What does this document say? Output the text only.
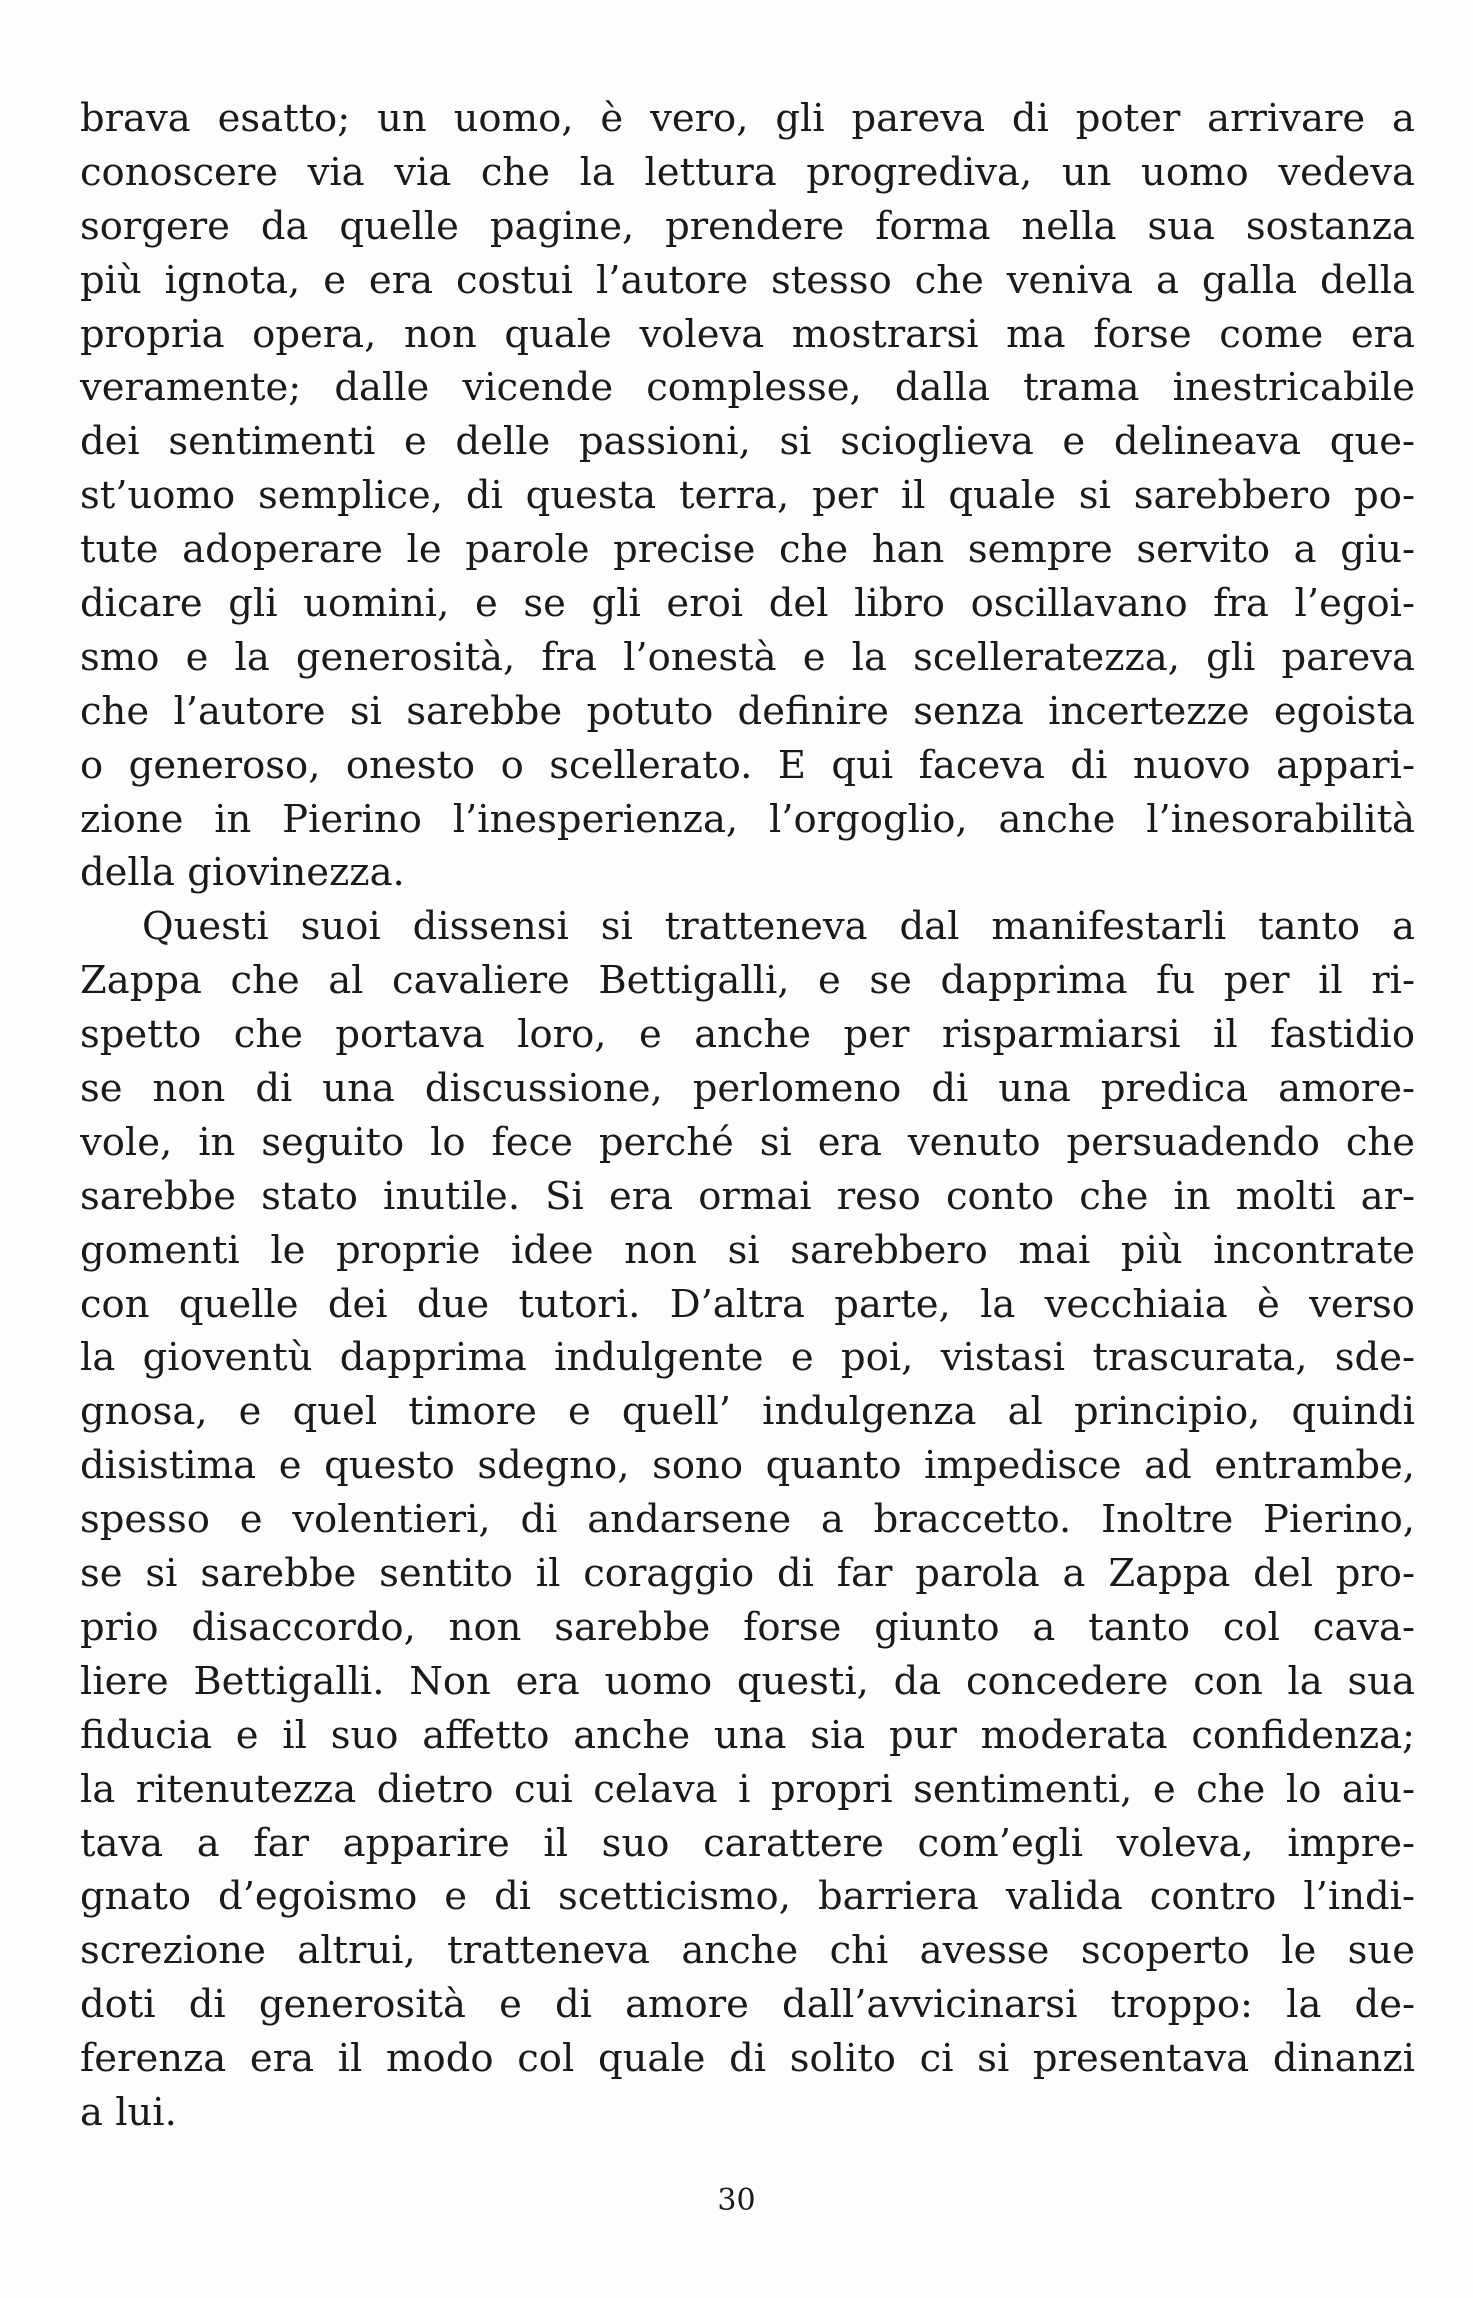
brava esatto; un uomo, è vero, gli pareva di poter arrivare a
conoscere via via che la lettura progrediva, un uomo vedeva
sorgere da quelle pagine, prendere forma nella sua sostanza
più ignota, e era costui l’autore stesso che veniva a galla della
propria opera, non quale voleva mostrarsi ma forse come era
veramente; dalle vicende complesse, dalla trama inestricabile
dei sentimenti e delle passioni, si scioglieva e delineava que-
st’uomo semplice, di questa terra, per il quale si sarebbero po-
tute adoperare le parole precise che han sempre servito a giu-
dicare gli uomini, e se gli eroi del libro oscillavano fra l’egoi-
smo e la generosità, fra l’onestà e la scelleratezza, gli pareva
che l’autore si sarebbe potuto definire senza incertezze egoista
o generoso, onesto o scellerato. E qui faceva di nuovo appari-
zione in Pierino l’inesperienza, l’orgoglio, anche l’inesorabilità
della giovinezza.
Questi suoi dissensi si tratteneva dal manifestarli tanto a
Zappa che al cavaliere Bettigalli, e se dapprima fu per il ri-
spetto che portava loro, e anche per risparmiarsi il fastidio
se non di una discussione, perlomeno di una predica amore-
vole, in seguito lo fece perché si era venuto persuadendo che
sarebbe stato inutile. Si era ormai reso conto che in molti ar-
gomenti le proprie idee non si sarebbero mai più incontrate
con quelle dei due tutori. D’altra parte, la vecchiaia è verso
la gioventù dapprima indulgente e poi, vistasi trascurata, sde-
gnosa, e quel timore e quell’ indulgenza al principio, quindi
disistima e questo sdegno, sono quanto impedisce ad entrambe,
spesso e volentieri, di andarsene a braccetto. Inoltre Pierino,
se si sarebbe sentito il coraggio di far parola a Zappa del pro-
prio disaccordo, non sarebbe forse giunto a tanto col cava-
liere Bettigalli. Non era uomo questi, da concedere con la sua
fiducia e il suo affetto anche una sia pur moderata confidenza;
la ritenutezza dietro cui celava i propri sentimenti, e che lo aiu-
tava a far apparire il suo carattere com’egli voleva, impre-
gnato d’egoismo e di scetticismo, barriera valida contro l’indi-
screzione altrui, tratteneva anche chi avesse scoperto le sue
doti di generosità e di amore dall’avvicinarsi troppo: la de-
ferenza era il modo col quale di solito ci si presentava dinanzi
a lui.
30
